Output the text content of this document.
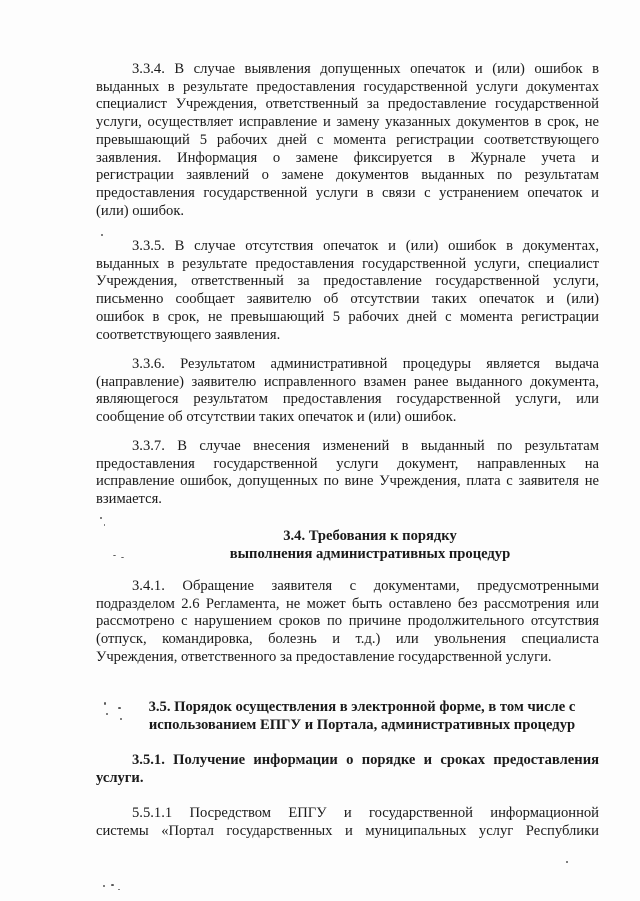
3.3.4. В случае выявления допущенных опечаток и (или) ошибок в
выданных в результате предоставления государственной услуги документах
специалист Учреждения, ответственный за предоставление государственной
услуги, осуществляет исправление и замену указанных документов в срок, не
превышающий 5 рабочих дней с момента регистрации соответствующего
заявления. Информация о замене фиксируется в Журнале учета и
регистрации заявлений о замене документов выданных по результатам
предоставления государственной услуги в связи с устранением опечаток и
(или) ошибок.
3.3.5. В случае отсутствия опечаток и (или) ошибок в документах,
выданных в результате предоставления государственной услуги, специалист
Учреждения, ответственный за предоставление государственной услуги,
письменно сообщает заявителю об отсутствии таких опечаток и (или)
ошибок в срок, не превышающий 5 рабочих дней с момента регистрации
соответствующего заявления.
3.3.6. Результатом административной процедуры является выдача
(направление) заявителю исправленного взамен ранее выданного документа,
являющегося результатом предоставления государственной услуги, или
сообщение об отсутствии таких опечаток и (или) ошибок.
3.3.7. В случае внесения изменений в выданный по результатам
предоставления государственной услуги документ, направленных на
исправление ошибок, допущенных по вине Учреждения, плата с заявителя не
взимается.
3.4. Требования к порядку
выполнения административных процедур
3.4.1. Обращение заявителя с документами, предусмотренными
подразделом 2.6 Регламента, не может быть оставлено без рассмотрения или
рассмотрено с нарушением сроков по причине продолжительного отсутствия
(отпуск, командировка, болезнь и т.д.) или увольнения специалиста
Учреждения, ответственного за предоставление государственной услуги.
3.5. Порядок осуществления в электронной форме, в том числе с
использованием ЕПГУ и Портала, административных процедур
3.5.1. Получение информации о порядке и сроках предоставления
услуги.
5.5.1.1 Посредством ЕПГУ и государственной информационной
системы «Портал государственных и муниципальных услуг Республики
